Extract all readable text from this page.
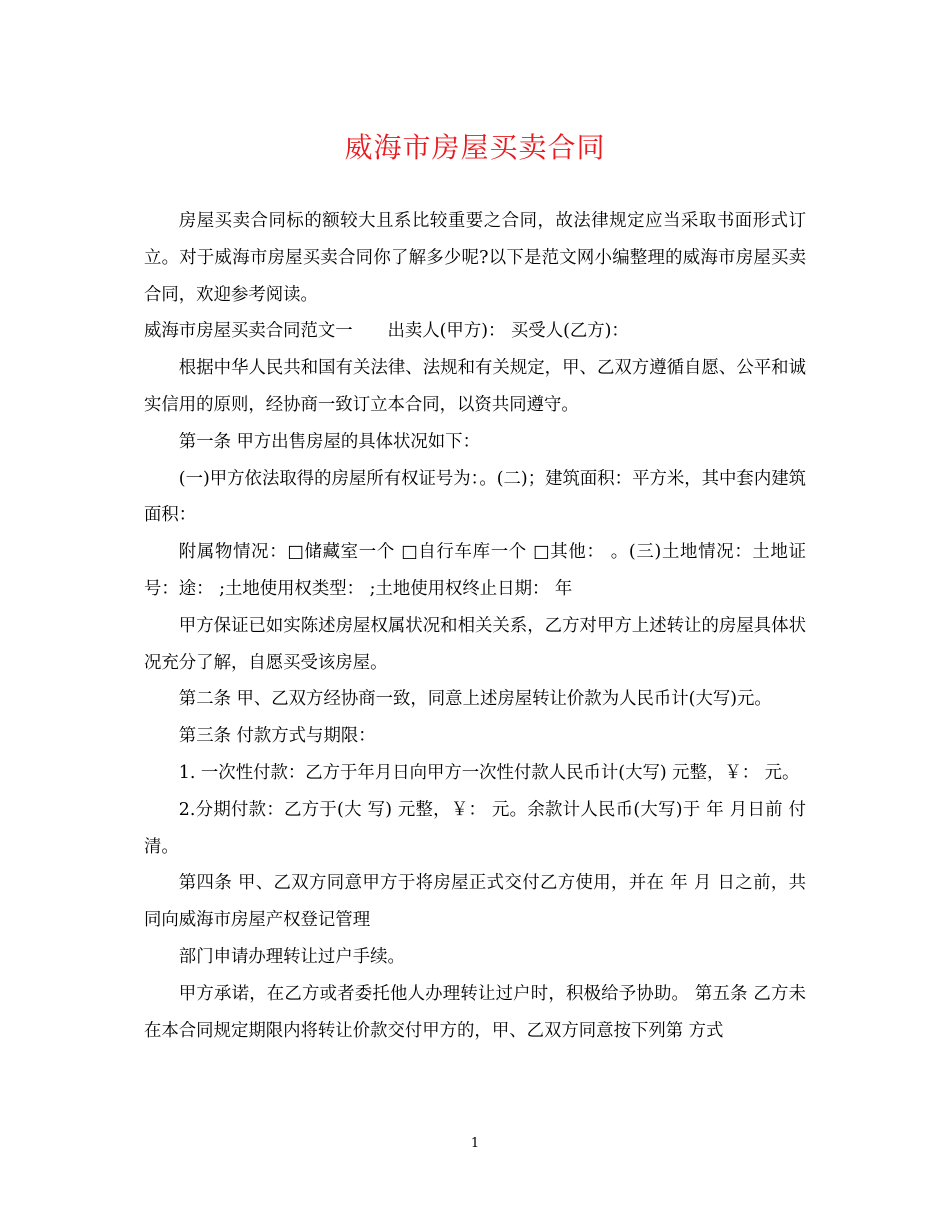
威海市房屋买卖合同

房屋买卖合同标的额较大且系比较重要之合同，故法律规定应当采取书面形式订立。对于威海市房屋买卖合同你了解多少呢?以下是范文网小编整理的威海市房屋买卖合同，欢迎参考阅读。

威海市房屋买卖合同范文一　　出卖人(甲方)： 买受人(乙方)：

根据中华人民共和国有关法律、法规和有关规定，甲、乙双方遵循自愿、公平和诚实信用的原则，经协商一致订立本合同，以资共同遵守。

第一条 甲方出售房屋的具体状况如下：

(一)甲方依法取得的房屋所有权证号为：。(二)；建筑面积：平方米，其中套内建筑面积：

附属物情况：□储藏室一个 □自行车库一个 □其他： 。(三)土地情况：土地证号：途： ;土地使用权类型： ;土地使用权终止日期： 年

甲方保证已如实陈述房屋权属状况和相关关系，乙方对甲方上述转让的房屋具体状况充分了解，自愿买受该房屋。

第二条 甲、乙双方经协商一致，同意上述房屋转让价款为人民币计(大写)元。

第三条 付款方式与期限：

1. 一次性付款：乙方于年月日向甲方一次性付款人民币计(大写) 元整，￥： 元。

2.分期付款：乙方于(大 写) 元整，￥： 元。余款计人民币(大写)于 年 月日前 付清。

第四条 甲、乙双方同意甲方于将房屋正式交付乙方使用，并在 年 月 日之前，共同向威海市房屋产权登记管理

部门申请办理转让过户手续。

甲方承诺，在乙方或者委托他人办理转让过户时，积极给予协助。 第五条 乙方未在本合同规定期限内将转让价款交付甲方的，甲、乙双方同意按下列第 方式

1
